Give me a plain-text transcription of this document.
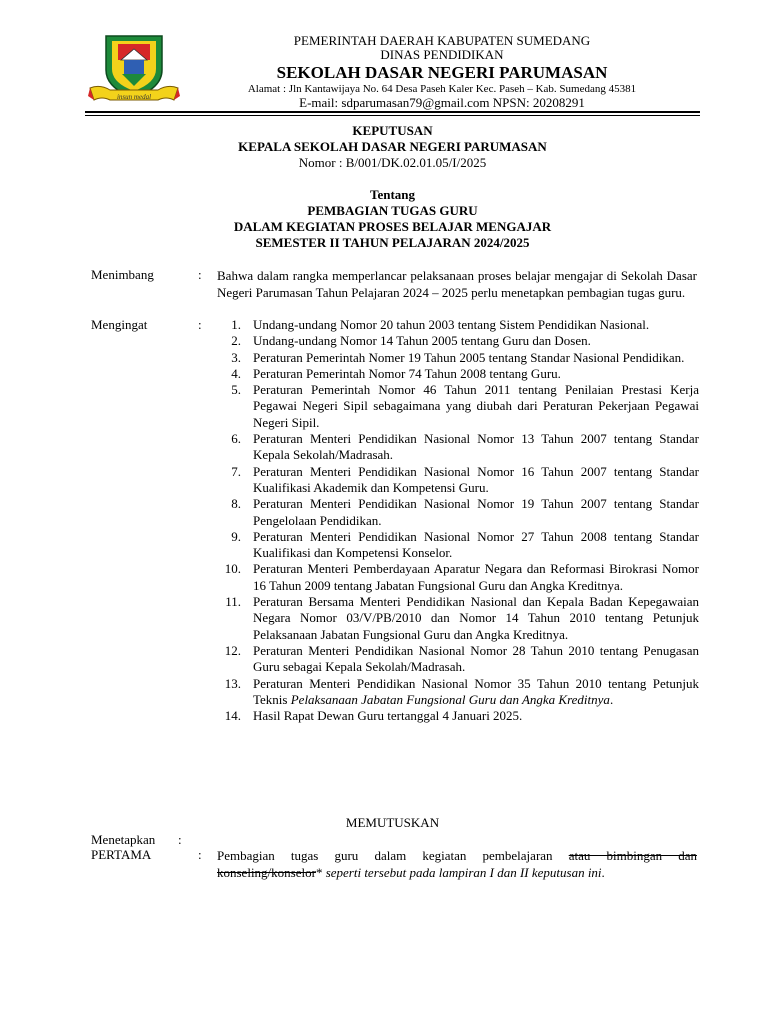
insun medal
PEMERINTAH DAERAH KABUPATEN SUMEDANG
DINAS PENDIDIKAN
SEKOLAH DASAR NEGERI PARUMASAN
Alamat : Jln Kantawijaya No. 64 Desa Paseh Kaler Kec. Paseh – Kab. Sumedang 45381
E-mail: sdparumasan79@gmail.com NPSN: 20208291
KEPUTUSAN
KEPALA SEKOLAH DASAR NEGERI PARUMASAN
Nomor : B/001/DK.02.01.05/I/2025
Tentang
PEMBAGIAN TUGAS GURU
DALAM KEGIATAN PROSES BELAJAR MENGAJAR
SEMESTER II TAHUN PELAJARAN 2024/2025
Menimbang	: Bahwa dalam rangka memperlancar pelaksanaan proses belajar mengajar di Sekolah Dasar Negeri Parumasan Tahun Pelajaran 2024 – 2025 perlu menetapkan pembagian tugas guru.
Mengingat	:	1. Undang-undang Nomor 20 tahun 2003 tentang Sistem Pendidikan Nasional.
2. Undang-undang Nomor 14 Tahun 2005 tentang Guru dan Dosen.
3. Peraturan Pemerintah Nomer 19 Tahun 2005 tentang Standar Nasional Pendidikan.
4. Peraturan Pemerintah Nomor 74 Tahun 2008 tentang Guru.
5. Peraturan Pemerintah Nomor 46 Tahun 2011 tentang Penilaian Prestasi Kerja Pegawai Negeri Sipil sebagaimana yang diubah dari Peraturan Pekerjaan Pegawai Negeri Sipil.
6. Peraturan Menteri Pendidikan Nasional Nomor 13 Tahun 2007 tentang Standar Kepala Sekolah/Madrasah.
7. Peraturan Menteri Pendidikan Nasional Nomor 16 Tahun 2007 tentang Standar Kualifikasi Akademik dan Kompetensi Guru.
8. Peraturan Menteri Pendidikan Nasional Nomor 19 Tahun 2007 tentang Standar Pengelolaan Pendidikan.
9. Peraturan Menteri Pendidikan Nasional Nomor 27 Tahun 2008 tentang Standar Kualifikasi dan Kompetensi Konselor.
10. Peraturan Menteri Pemberdayaan Aparatur Negara dan Reformasi Birokrasi Nomor 16 Tahun 2009 tentang Jabatan Fungsional Guru dan Angka Kreditnya.
11. Peraturan Bersama Menteri Pendidikan Nasional dan Kepala Badan Kepegawaian Negara Nomor 03/V/PB/2010 dan Nomor 14 Tahun 2010 tentang Petunjuk Pelaksanaan Jabatan Fungsional Guru dan Angka Kreditnya.
12. Peraturan Menteri Pendidikan Nasional Nomor 28 Tahun 2010 tentang Penugasan Guru sebagai Kepala Sekolah/Madrasah.
13. Peraturan Menteri Pendidikan Nasional Nomor 35 Tahun 2010 tentang Petunjuk Teknis Pelaksanaan Jabatan Fungsional Guru dan Angka Kreditnya.
14. Hasil Rapat Dewan Guru tertanggal 4 Januari 2025.
MEMUTUSKAN
Menetapkan :
PERTAMA	: Pembagian tugas guru dalam kegiatan pembelajaran atau bimbingan dan konseling/konselor* seperti tersebut pada lampiran I dan II keputusan ini.
